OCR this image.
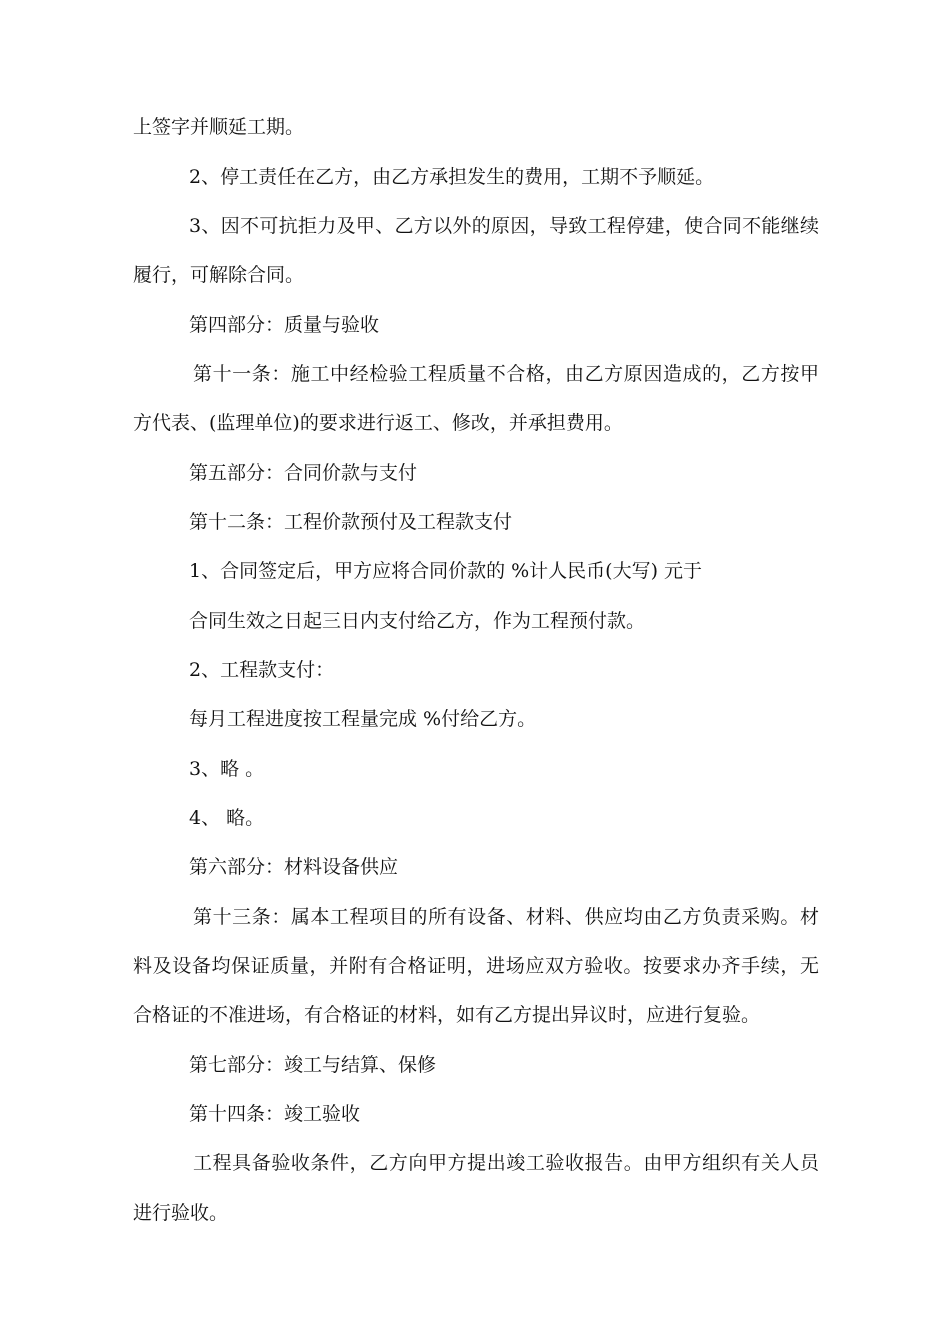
上签字并顺延工期。
2、停工责任在乙方，由乙方承担发生的费用，工期不予顺延。
3、因不可抗拒力及甲、乙方以外的原因，导致工程停建，使合同不能继续
履行，可解除合同。
第四部分：质量与验收
第十一条：施工中经检验工程质量不合格，由乙方原因造成的，乙方按甲
方代表、(监理单位)的要求进行返工、修改，并承担费用。
第五部分：合同价款与支付
第十二条：工程价款预付及工程款支付
1、合同签定后，甲方应将合同价款的 %计人民币(大写) 元于
合同生效之日起三日内支付给乙方，作为工程预付款。
2、工程款支付：
每月工程进度按工程量完成 %付给乙方。
3、略 。
4、 略。
第六部分：材料设备供应
第十三条：属本工程项目的所有设备、材料、供应均由乙方负责采购。材
料及设备均保证质量，并附有合格证明，进场应双方验收。按要求办齐手续，无
合格证的不准进场，有合格证的材料，如有乙方提出异议时，应进行复验。
第七部分：竣工与结算、保修
第十四条：竣工验收
工程具备验收条件，乙方向甲方提出竣工验收报告。由甲方组织有关人员
进行验收。
